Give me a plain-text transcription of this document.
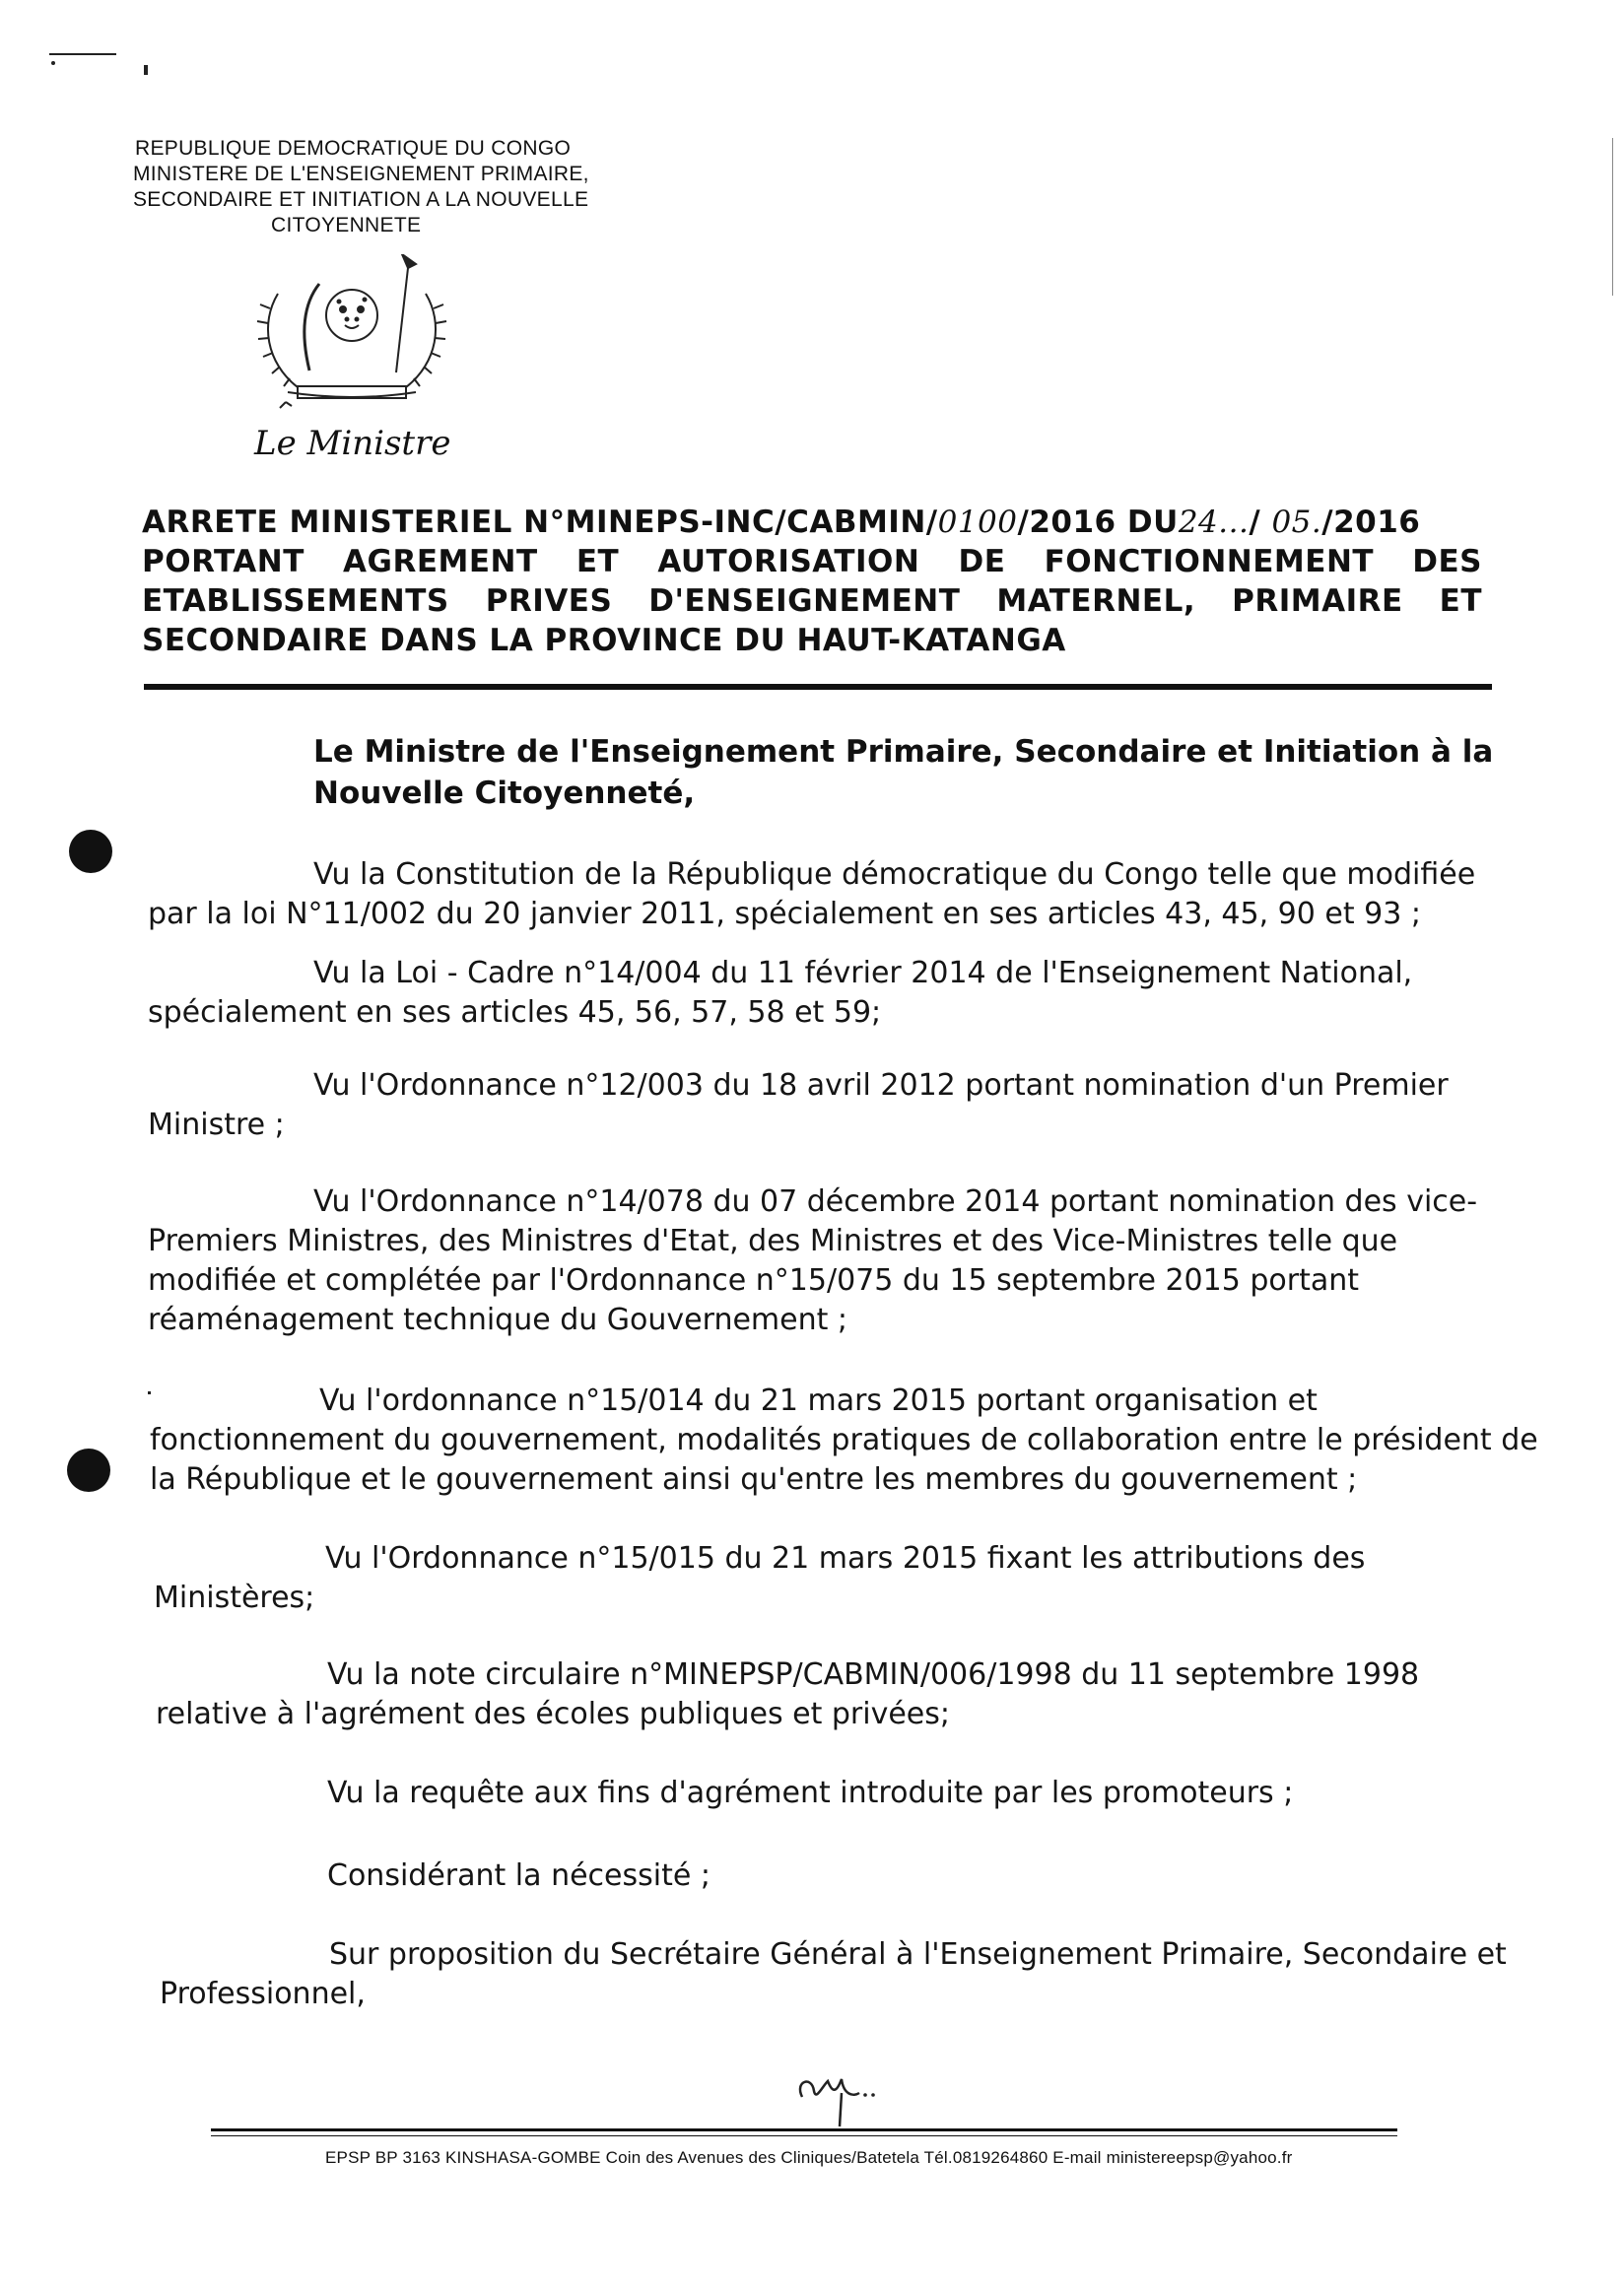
REPUBLIQUE DEMOCRATIQUE DU CONGO
MINISTERE DE L'ENSEIGNEMENT PRIMAIRE,
SECONDAIRE ET INITIATION A LA NOUVELLE
CITOYENNETE
Le Ministre
ARRETE MINISTERIEL N°MINEPS-INC/CABMIN/0100/2016 DU24.../ 05./2016
PORTANT AGREMENT ET AUTORISATION DE FONCTIONNEMENT DES
ETABLISSEMENTS PRIVES D'ENSEIGNEMENT MATERNEL, PRIMAIRE ET
SECONDAIRE DANS LA PROVINCE DU HAUT-KATANGA
Le Ministre de l'Enseignement Primaire, Secondaire et Initiation à la
Nouvelle Citoyenneté,
Vu la Constitution de la République démocratique du Congo telle que modifiée
par la loi N°11/002 du 20 janvier 2011, spécialement en ses articles 43, 45, 90 et 93 ;
Vu la Loi - Cadre n°14/004 du 11 février 2014 de l'Enseignement National,
spécialement en ses articles 45, 56, 57, 58 et 59;
Vu l'Ordonnance n°12/003 du 18 avril 2012 portant nomination d'un Premier
Ministre ;
Vu l'Ordonnance n°14/078 du 07 décembre 2014 portant nomination des vice-
Premiers Ministres, des Ministres d'Etat, des Ministres et des Vice-Ministres telle que
modifiée et complétée par l'Ordonnance n°15/075 du 15 septembre 2015 portant
réaménagement technique du Gouvernement ;
Vu l'ordonnance n°15/014 du 21 mars 2015 portant organisation et
fonctionnement du gouvernement, modalités pratiques de collaboration entre le président de
la République et le gouvernement ainsi qu'entre les membres du gouvernement ;
Vu l'Ordonnance n°15/015 du 21 mars 2015 fixant les attributions des
Ministères;
Vu la note circulaire n°MINEPSP/CABMIN/006/1998 du 11 septembre 1998
relative à l'agrément des écoles publiques et privées;
Vu la requête aux fins d'agrément introduite par les promoteurs ;
Considérant la nécessité ;
Sur proposition du Secrétaire Général à l'Enseignement Primaire, Secondaire et
Professionnel,
EPSP BP 3163 KINSHASA-GOMBE Coin des Avenues des Cliniques/Batetela Tél.0819264860 E-mail ministereepsp@yahoo.fr
